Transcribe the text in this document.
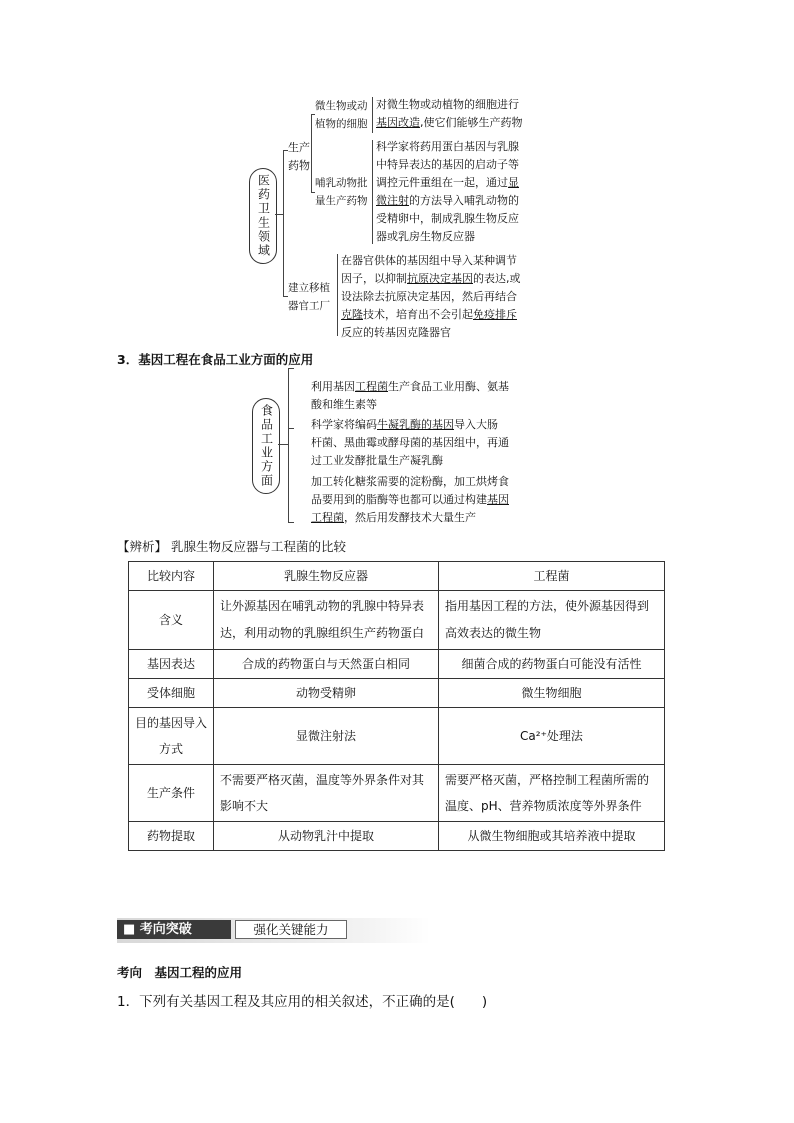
医药卫生领域
生产药物
微生物或动
植物的细胞
对微生物或动植物的细胞进行
基因改造,使它们能够生产药物
哺乳动物批
量生产药物
科学家将药用蛋白基因与乳腺
中特异表达的基因的启动子等
调控元件重组在一起，通过显
微注射的方法导入哺乳动物的
受精卵中，制成乳腺生物反应
器或乳房生物反应器
建立移植
器官工厂
在器官供体的基因组中导入某种调节
因子，以抑制抗原决定基因的表达,或
设法除去抗原决定基因，然后再结合
克隆技术，培育出不会引起免疫排斥
反应的转基因克隆器官
3．基因工程在食品工业方面的应用
食品工业方面
利用基因工程菌生产食品工业用酶、氨基
酸和维生素等
科学家将编码牛凝乳酶的基因导入大肠
杆菌、黑曲霉或酵母菌的基因组中，再通
过工业发酵批量生产凝乳酶
加工转化糖浆需要的淀粉酶，加工烘烤食
品要用到的脂酶等也都可以通过构建基因
工程菌，然后用发酵技术大量生产
【辨析】 乳腺生物反应器与工程菌的比较
比较内容	乳腺生物反应器	工程菌
含义	让外源基因在哺乳动物的乳腺中特异表达，利用动物的乳腺组织生产药物蛋白	指用基因工程的方法，使外源基因得到高效表达的微生物
基因表达	合成的药物蛋白与天然蛋白相同	细菌合成的药物蛋白可能没有活性
受体细胞	动物受精卵	微生物细胞
目的基因导入方式	显微注射法	Ca²⁺处理法
生产条件	不需要严格灭菌，温度等外界条件对其影响不大	需要严格灭菌，严格控制工程菌所需的温度、pH、营养物质浓度等外界条件
药物提取	从动物乳汁中提取	从微生物细胞或其培养液中提取
■ 考向突破	强化关键能力
考向　基因工程的应用
1．下列有关基因工程及其应用的相关叙述，不正确的是(　　)
